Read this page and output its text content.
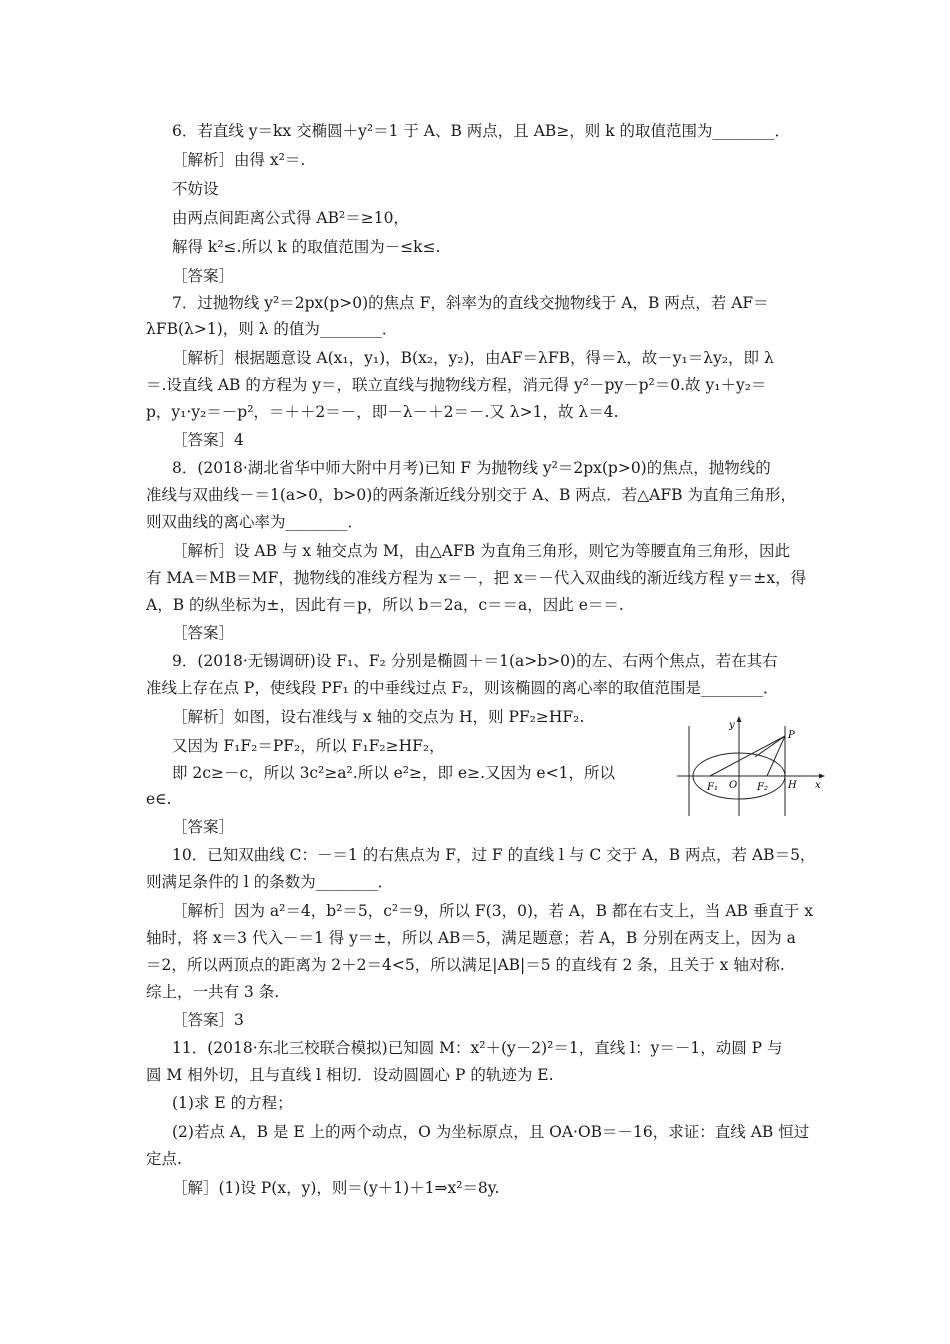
6．若直线 y＝kx 交椭圆＋y²＝1 于 A、B 两点，且 AB≥，则 k 的取值范围为________．
［解析］由得 x²＝.
不妨设
由两点间距离公式得 AB²＝≥10，
解得 k²≤.所以 k 的取值范围为－≤k≤.
［答案］
7．过抛物线 y²＝2px(p>0)的焦点 F，斜率为的直线交抛物线于 A，B 两点，若 AF＝
λFB(λ>1)，则 λ 的值为________．
［解析］根据题意设 A(x₁，y₁)，B(x₂，y₂)，由AF＝λFB，得＝λ，故－y₁＝λy₂，即 λ
＝.设直线 AB 的方程为 y＝，联立直线与抛物线方程，消元得 y²－py－p²＝0.故 y₁＋y₂＝
p，y₁·y₂＝－p²，＝＋＋2＝－，即－λ－＋2＝－.又 λ>1，故 λ＝4.
［答案］4
8．(2018·湖北省华中师大附中月考)已知 F 为抛物线 y²＝2px(p>0)的焦点，抛物线的
准线与双曲线－＝1(a>0，b>0)的两条渐近线分别交于 A、B 两点．若△AFB 为直角三角形，
则双曲线的离心率为________．
［解析］设 AB 与 x 轴交点为 M，由△AFB 为直角三角形，则它为等腰直角三角形，因此
有 MA＝MB＝MF，抛物线的准线方程为 x＝－，把 x＝－代入双曲线的渐近线方程 y＝±x，得
A，B 的纵坐标为±，因此有＝p，所以 b＝2a，c＝＝a，因此 e＝＝.
［答案］
9．(2018·无锡调研)设 F₁、F₂ 分别是椭圆＋＝1(a>b>0)的左、右两个焦点，若在其右
准线上存在点 P，使线段 PF₁ 的中垂线过点 F₂，则该椭圆的离心率的取值范围是________．
［解析］如图，设右准线与 x 轴的交点为 H，则 PF₂≥HF₂.
又因为 F₁F₂＝PF₂，所以 F₁F₂≥HF₂，
即 2c≥－c，所以 3c²≥a².所以 e²≥，即 e≥.又因为 e<1，所以
e∈.
［答案］
y
P
F₁ O F₂ H x
10．已知双曲线 C：－＝1 的右焦点为 F，过 F 的直线 l 与 C 交于 A，B 两点，若 AB＝5，
则满足条件的 l 的条数为________．
［解析］因为 a²＝4，b²＝5，c²＝9，所以 F(3，0)，若 A，B 都在右支上，当 AB 垂直于 x
轴时，将 x＝3 代入－＝1 得 y＝±，所以 AB＝5，满足题意；若 A，B 分别在两支上，因为 a
＝2，所以两顶点的距离为 2＋2＝4<5，所以满足|AB|＝5 的直线有 2 条，且关于 x 轴对称.
综上，一共有 3 条.
［答案］3
11．(2018·东北三校联合模拟)已知圆 M：x²＋(y－2)²＝1，直线 l：y＝－1，动圆 P 与
圆 M 相外切，且与直线 l 相切．设动圆圆心 P 的轨迹为 E.
(1)求 E 的方程；
(2)若点 A，B 是 E 上的两个动点，O 为坐标原点，且 OA·OB＝－16，求证：直线 AB 恒过
定点.
［解］(1)设 P(x，y)，则＝(y＋1)＋1⇒x²＝8y.
